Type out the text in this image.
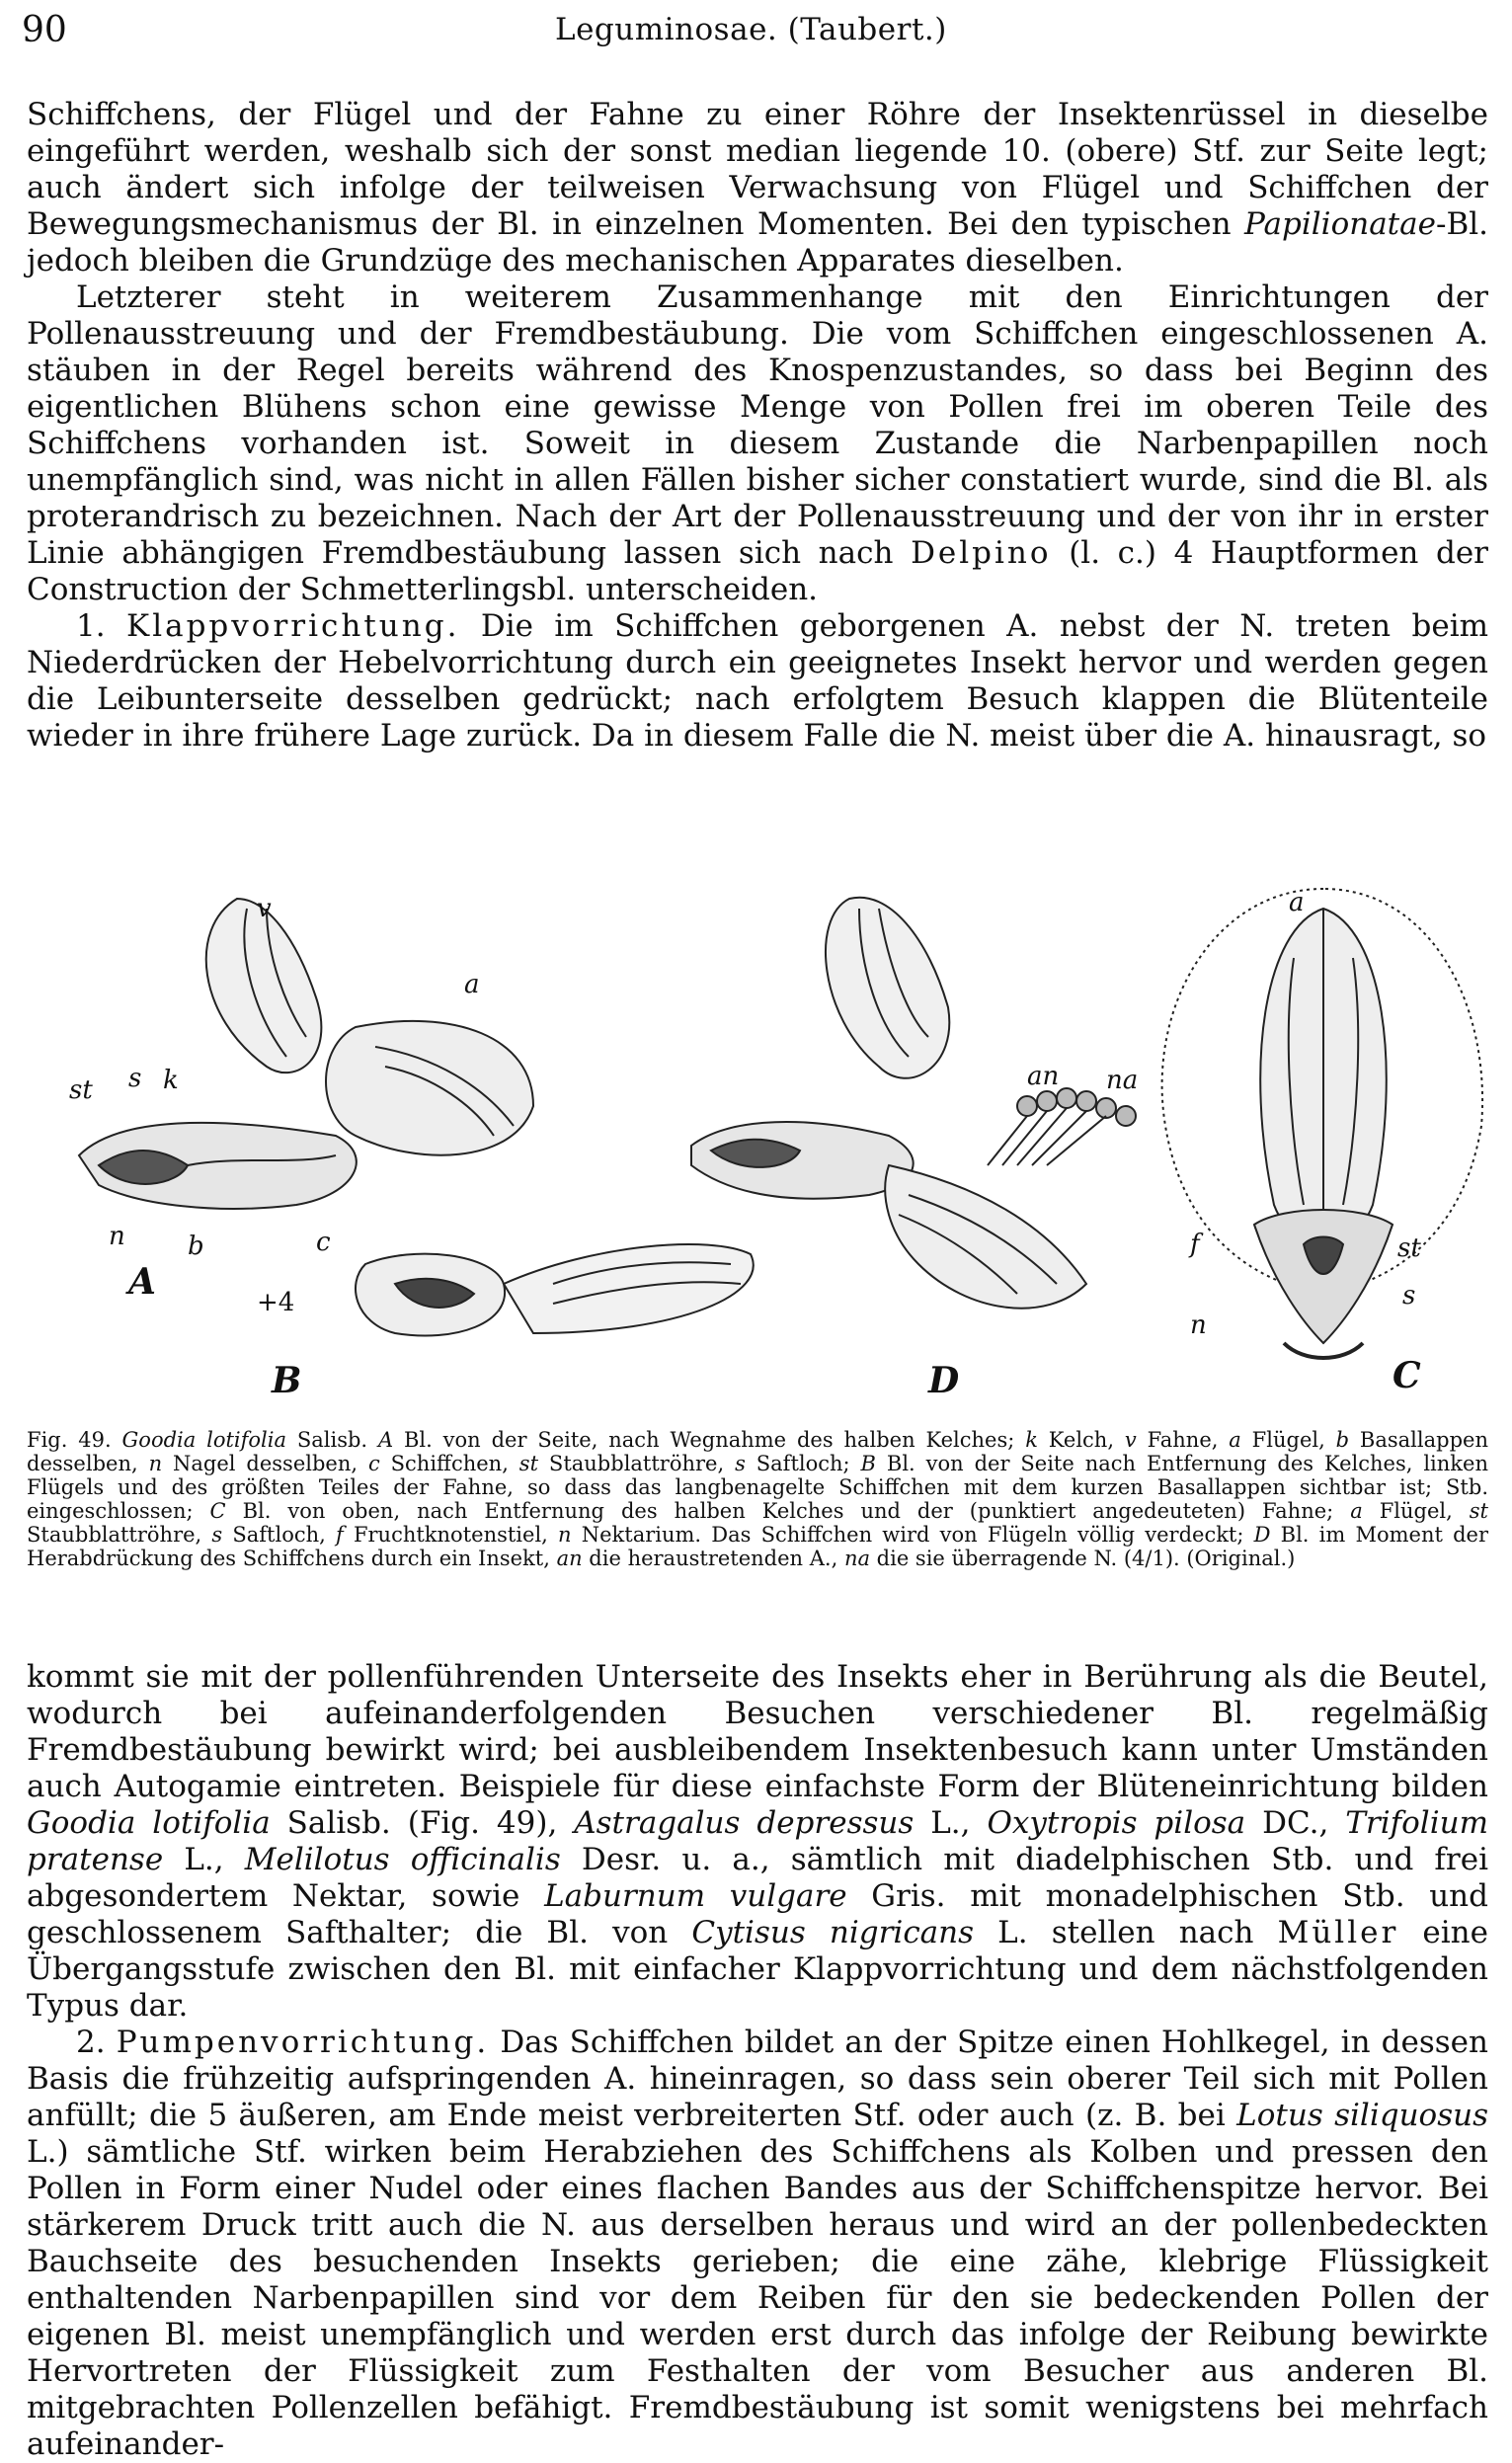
90	Leguminosae. (Taubert.)

Schiffchens, der Flügel und der Fahne zu einer Röhre der Insektenrüssel in dieselbe eingeführt werden, weshalb sich der sonst median liegende 10. (obere) Stf. zur Seite legt; auch ändert sich infolge der teilweisen Verwachsung von Flügel und Schiffchen der Bewegungsmechanismus der Bl. in einzelnen Momenten. Bei den typischen Papilionatae-Bl. jedoch bleiben die Grundzüge des mechanischen Apparates dieselben.

Letzterer steht in weiterem Zusammenhange mit den Einrichtungen der Pollenausstreuung und der Fremdbestäubung. Die vom Schiffchen eingeschlossenen A. stäuben in der Regel bereits während des Knospenzustandes, so dass bei Beginn des eigentlichen Blühens schon eine gewisse Menge von Pollen frei im oberen Teile des Schiffchens vorhanden ist. Soweit in diesem Zustande die Narbenpapillen noch unempfänglich sind, was nicht in allen Fällen bisher sicher constatiert wurde, sind die Bl. als proterandrisch zu bezeichnen. Nach der Art der Pollenausstreuung und der von ihr in erster Linie abhängigen Fremdbestäubung lassen sich nach Delpino (l. c.) 4 Hauptformen der Construction der Schmetterlingsbl. unterscheiden.

1. Klappvorrichtung. Die im Schiffchen geborgenen A. nebst der N. treten beim Niederdrücken der Hebelvorrichtung durch ein geeignetes Insekt hervor und werden gegen die Leibunterseite desselben gedrückt; nach erfolgtem Besuch klappen die Blütenteile wieder in ihre frühere Lage zurück. Da in diesem Falle die N. meist über die A. hinausragt, so

v
a
st s k
n b	c
+4
an na
a
f	st
s
n
A
B	D	C
Fig. 49. Goodia lotifolia Salisb. A Bl. von der Seite, nach Wegnahme des halben Kelches; k Kelch, v Fahne, a Flügel, b Basallappen desselben, n Nagel desselben, c Schiffchen, st Staubblattröhre, s Saftloch; B Bl. von der Seite nach Entfernung des Kelches, linken Flügels und des größten Teiles der Fahne, so dass das langbenagelte Schiffchen mit dem kurzen Basallappen sichtbar ist; Stb. eingeschlossen; C Bl. von oben, nach Entfernung des halben Kelches und der (punktiert angedeuteten) Fahne; a Flügel, st Staubblattröhre, s Saftloch, f Fruchtknotenstiel, n Nektarium. Das Schiffchen wird von Flügeln völlig verdeckt; D Bl. im Moment der Herabdrückung des Schiffchens durch ein Insekt, an die heraustretenden A., na die sie überragende N. (4/1). (Original.)

kommt sie mit der pollenführenden Unterseite des Insekts eher in Berührung als die Beutel, wodurch bei aufeinanderfolgenden Besuchen verschiedener Bl. regelmäßig Fremdbestäubung bewirkt wird; bei ausbleibendem Insektenbesuch kann unter Umständen auch Autogamie eintreten. Beispiele für diese einfachste Form der Blüteneinrichtung bilden Goodia lotifolia Salisb. (Fig. 49), Astragalus depressus L., Oxytropis pilosa DC., Trifolium pratense L., Melilotus officinalis Desr. u. a., sämtlich mit diadelphischen Stb. und frei abgesondertem Nektar, sowie Laburnum vulgare Gris. mit monadelphischen Stb. und geschlossenem Safthalter; die Bl. von Cytisus nigricans L. stellen nach Müller eine Übergangsstufe zwischen den Bl. mit einfacher Klappvorrichtung und dem nächstfolgenden Typus dar.

2. Pumpenvorrichtung. Das Schiffchen bildet an der Spitze einen Hohlkegel, in dessen Basis die frühzeitig aufspringenden A. hineinragen, so dass sein oberer Teil sich mit Pollen anfüllt; die 5 äußeren, am Ende meist verbreiterten Stf. oder auch (z. B. bei Lotus siliquosus L.) sämtliche Stf. wirken beim Herabziehen des Schiffchens als Kolben und pressen den Pollen in Form einer Nudel oder eines flachen Bandes aus der Schiffchenspitze hervor. Bei stärkerem Druck tritt auch die N. aus derselben heraus und wird an der pollenbedeckten Bauchseite des besuchenden Insekts gerieben; die eine zähe, klebrige Flüssigkeit enthaltenden Narbenpapillen sind vor dem Reiben für den sie bedeckenden Pollen der eigenen Bl. meist unempfänglich und werden erst durch das infolge der Reibung bewirkte Hervortreten der Flüssigkeit zum Festhalten der vom Besucher aus anderen Bl. mitgebrachten Pollenzellen befähigt. Fremdbestäubung ist somit wenigstens bei mehrfach aufeinander-
